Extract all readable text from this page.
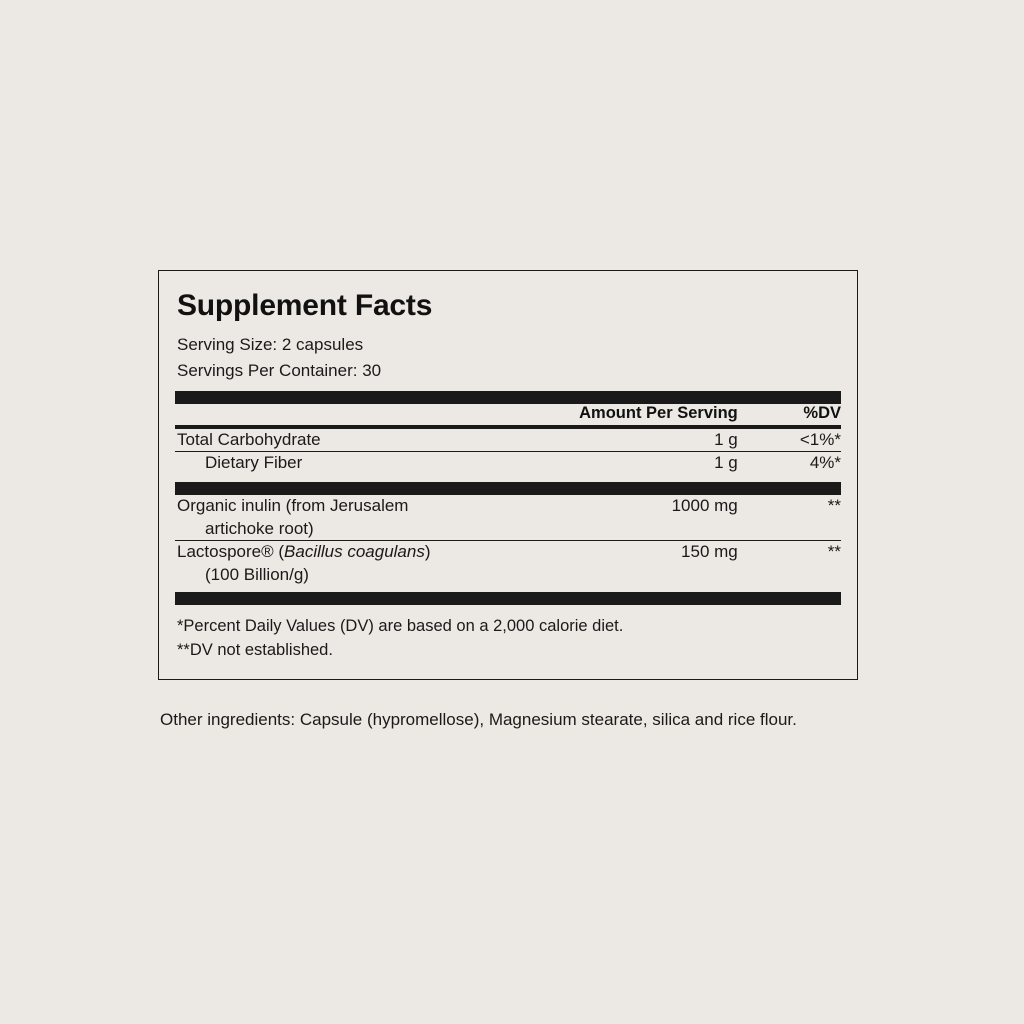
Supplement Facts
Serving Size: 2 capsules
Servings Per Container: 30
	Amount Per Serving	%DV
Total Carbohydrate	1 g	<1%*
Dietary Fiber	1 g	4%*
Organic inulin (from Jerusalem
artichoke root)	1000 mg	**
Lactospore® (Bacillus coagulans)
(100 Billion/g)	150 mg	**
*Percent Daily Values (DV) are based on a 2,000 calorie diet.
**DV not established.
Other ingredients: Capsule (hypromellose), Magnesium stearate, silica and rice flour.
